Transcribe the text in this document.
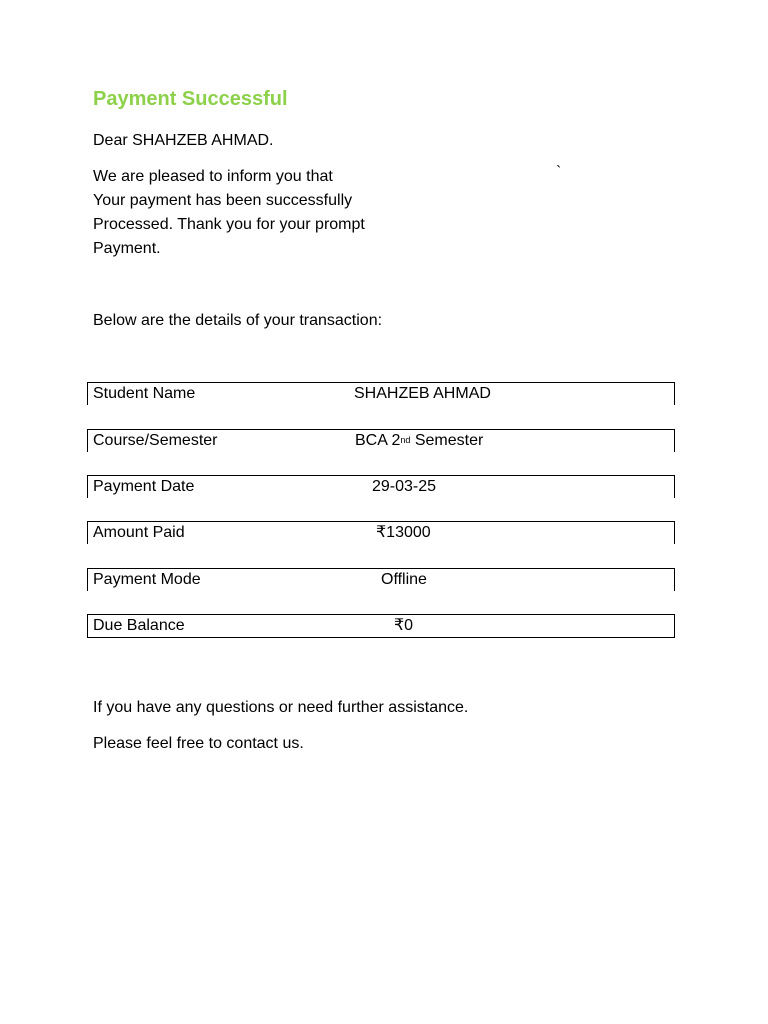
Payment Successful
Dear SHAHZEB AHMAD.
We are pleased to inform you that
Your payment has been successfully
Processed. Thank you for your prompt
Payment.
`
Below are the details of your transaction:
Student Name	SHAHZEB AHMAD
Course/Semester	BCA 2nd Semester
Payment Date	29-03-25
Amount Paid	₹13000
Payment Mode	Offline
Due Balance	₹0
If you have any questions or need further assistance.
Please feel free to contact us.
